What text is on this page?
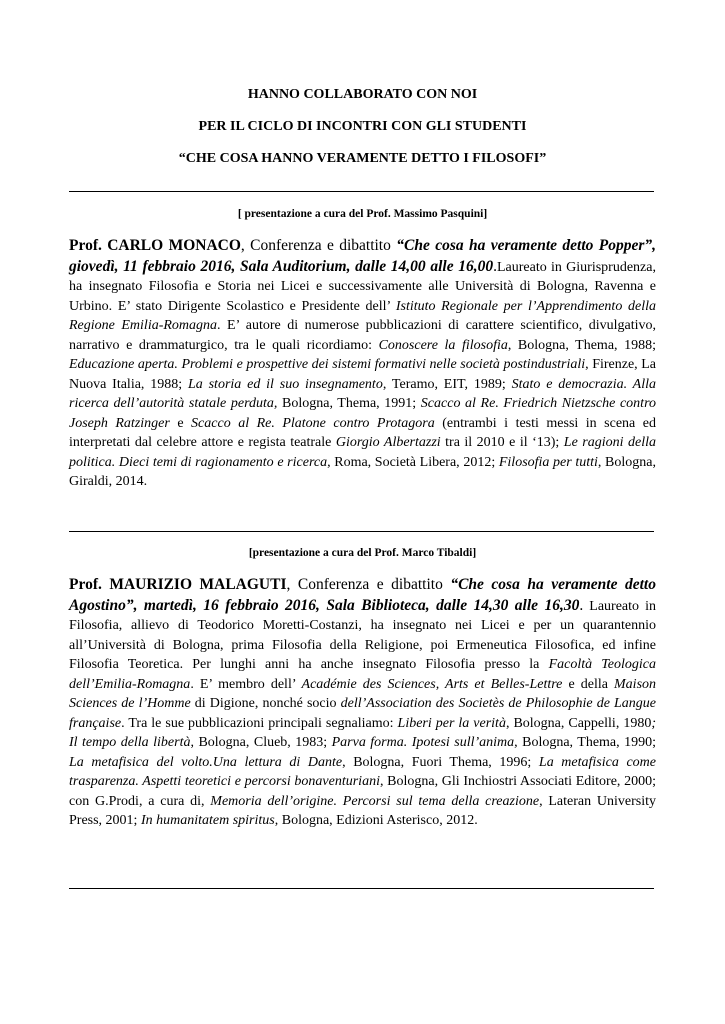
HANNO COLLABORATO CON NOI
PER IL CICLO DI INCONTRI CON GLI STUDENTI
“CHE COSA HANNO VERAMENTE DETTO I FILOSOFI”
[ presentazione a cura del Prof. Massimo Pasquini]
Prof. CARLO MONACO, Conferenza e dibattito “Che cosa ha veramente detto Popper”, giovedì, 11 febbraio 2016, Sala Auditorium, dalle 14,00 alle 16,00.Laureato in Giurisprudenza, ha insegnato Filosofia e Storia nei Licei e successivamente alle Università di Bologna, Ravenna e Urbino. E’ stato Dirigente Scolastico e Presidente dell’ Istituto Regionale per l’Apprendimento della Regione Emilia-Romagna. E’ autore di numerose pubblicazioni di carattere scientifico, divulgativo, narrativo e drammaturgico, tra le quali ricordiamo: Conoscere la filosofia, Bologna, Thema, 1988; Educazione aperta. Problemi e prospettive dei sistemi formativi nelle società postindustriali, Firenze, La Nuova Italia, 1988; La storia ed il suo insegnamento, Teramo, EIT, 1989; Stato e democrazia. Alla ricerca dell’autorità statale perduta, Bologna, Thema, 1991; Scacco al Re. Friedrich Nietzsche contro Joseph Ratzinger e Scacco al Re. Platone contro Protagora (entrambi i testi messi in scena ed interpretati dal celebre attore e regista teatrale Giorgio Albertazzi tra il 2010 e il ‘13); Le ragioni della politica. Dieci temi di ragionamento e ricerca, Roma, Società Libera, 2012; Filosofia per tutti, Bologna, Giraldi, 2014.
[presentazione a cura del Prof. Marco Tibaldi]
Prof. MAURIZIO MALAGUTI, Conferenza e dibattito “Che cosa ha veramente detto Agostino”, martedì, 16 febbraio 2016, Sala Biblioteca, dalle 14,30 alle 16,30. Laureato in Filosofia, allievo di Teodorico Moretti-Costanzi, ha insegnato nei Licei e per un quarantennio all’Università di Bologna, prima Filosofia della Religione, poi Ermeneutica Filosofica, ed infine Filosofia Teoretica. Per lunghi anni ha anche insegnato Filosofia presso la Facoltà Teologica dell’Emilia-Romagna. E’ membro dell’ Académie des Sciences, Arts et Belles-Lettre e della Maison Sciences de l’Homme di Digione, nonché socio dell’Association des Societès de Philosophie de Langue française. Tra le sue pubblicazioni principali segnaliamo: Liberi per la verità, Bologna, Cappelli, 1980; Il tempo della libertà, Bologna, Clueb, 1983; Parva forma. Ipotesi sull’anima, Bologna, Thema, 1990; La metafisica del volto.Una lettura di Dante, Bologna, Fuori Thema, 1996; La metafisica come trasparenza. Aspetti teoretici e percorsi bonaventuriani, Bologna, Gli Inchiostri Associati Editore, 2000; con G.Prodi, a cura di, Memoria dell’origine. Percorsi sul tema della creazione, Lateran University Press, 2001; In humanitatem spiritus, Bologna, Edizioni Asterisco, 2012.
